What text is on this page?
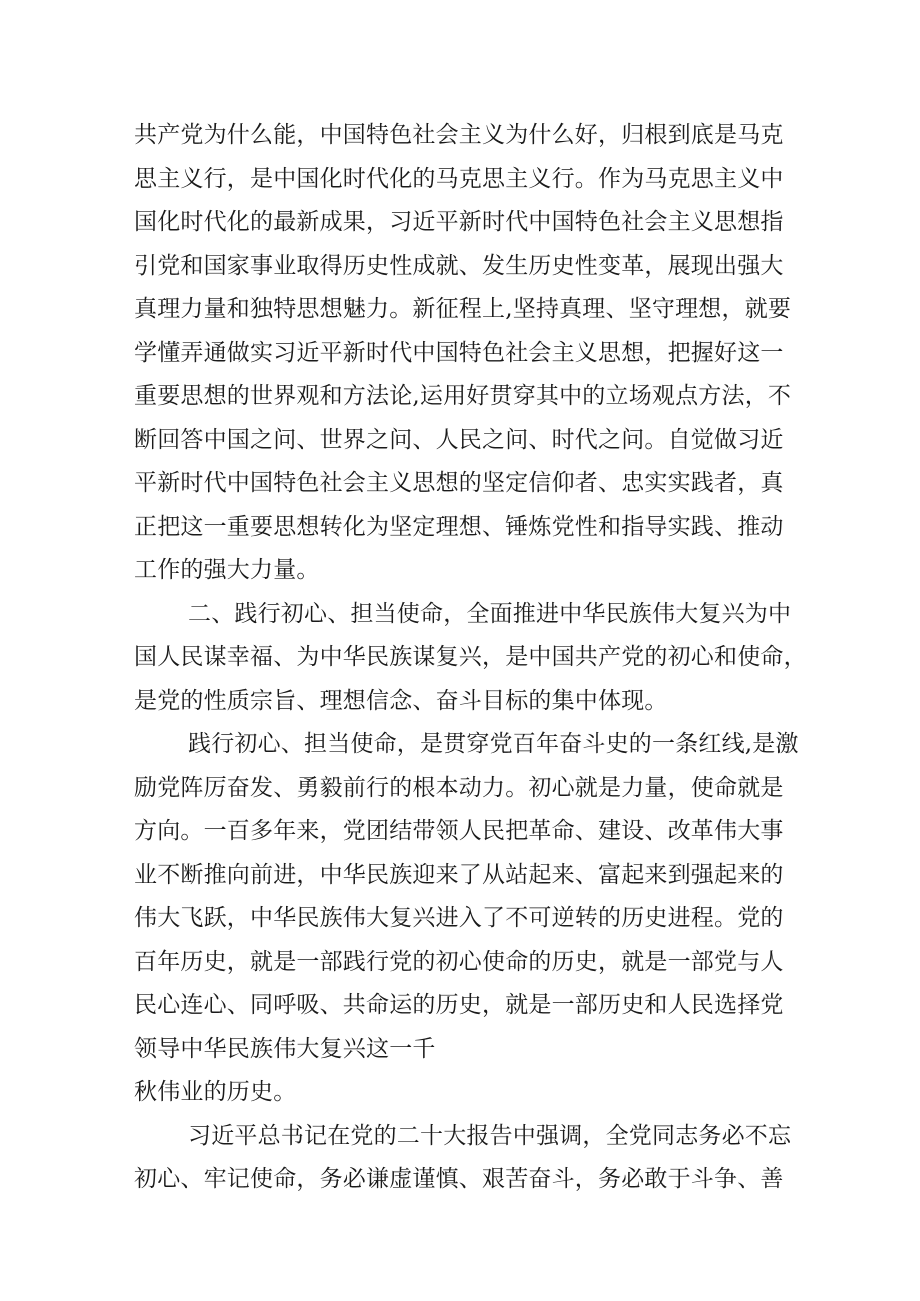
共产党为什么能，中国特色社会主义为什么好，归根到底是马克
思主义行，是中国化时代化的马克思主义行。作为马克思主义中
国化时代化的最新成果，习近平新时代中国特色社会主义思想指
引党和国家事业取得历史性成就、发生历史性变革，展现出强大
真理力量和独特思想魅力。新征程上,坚持真理、坚守理想，就要
学懂弄通做实习近平新时代中国特色社会主义思想，把握好这一
重要思想的世界观和方法论,运用好贯穿其中的立场观点方法，不
断回答中国之问、世界之问、人民之问、时代之问。自觉做习近
平新时代中国特色社会主义思想的坚定信仰者、忠实实践者，真
正把这一重要思想转化为坚定理想、锤炼党性和指导实践、推动
工作的强大力量。
二、践行初心、担当使命，全面推进中华民族伟大复兴为中
国人民谋幸福、为中华民族谋复兴，是中国共产党的初心和使命，
是党的性质宗旨、理想信念、奋斗目标的集中体现。
践行初心、担当使命，是贯穿党百年奋斗史的一条红线,是激
励党阵厉奋发、勇毅前行的根本动力。初心就是力量，使命就是
方向。一百多年来，党团结带领人民把革命、建设、改革伟大事
业不断推向前进，中华民族迎来了从站起来、富起来到强起来的
伟大飞跃，中华民族伟大复兴进入了不可逆转的历史进程。党的
百年历史，就是一部践行党的初心使命的历史，就是一部党与人
民心连心、同呼吸、共命运的历史，就是一部历史和人民选择党
领导中华民族伟大复兴这一千
秋伟业的历史。
习近平总书记在党的二十大报告中强调，全党同志务必不忘
初心、牢记使命，务必谦虚谨慎、艰苦奋斗，务必敢于斗争、善
